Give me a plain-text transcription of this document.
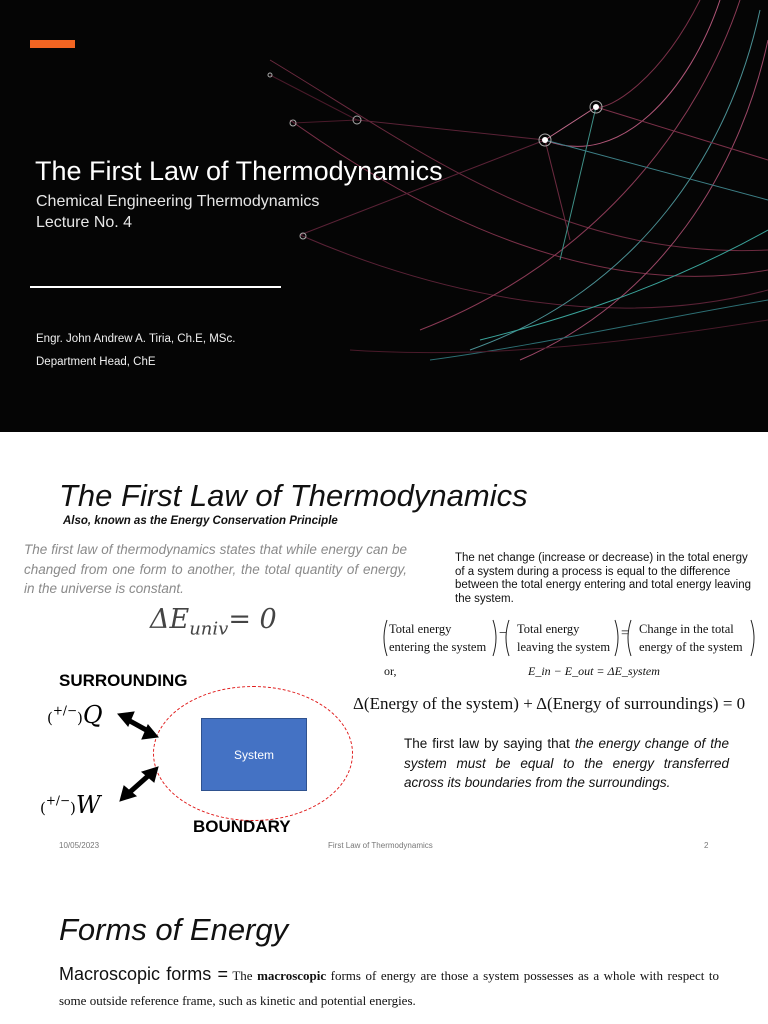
The First Law of Thermodynamics
Chemical Engineering Thermodynamics
Lecture No. 4
Engr. John Andrew A. Tiria, Ch.E, MSc.
Department Head, ChE
The First Law of Thermodynamics
Also, known as the Energy Conservation Principle
The first law of thermodynamics states that while energy can be changed from one form to another, the total quantity of energy, in the universe is constant.
$\Delta E_{univ}= 0$
The net change (increase or decrease) in the total energy of a system during a process is equal to the difference between the total energy entering and total energy leaving the system.
Total energy
entering the system
− Total energy
leaving the system
= Change in the total
energy of the system
or,	E_in − E_out = ΔE_system
Δ(Energy of the system) + Δ(Energy of surroundings) = 0
SURROUNDING
System
BOUNDARY
(+/−)Q
(+/−)W
The first law by saying that the energy change of the system must be equal to the energy transferred across its boundaries from the surroundings.
10/05/2023	First Law of Thermodynamics	2
Forms of Energy
Macroscopic forms = The macroscopic forms of energy are those a system possesses as a whole with respect to some outside reference frame, such as kinetic and potential energies.
